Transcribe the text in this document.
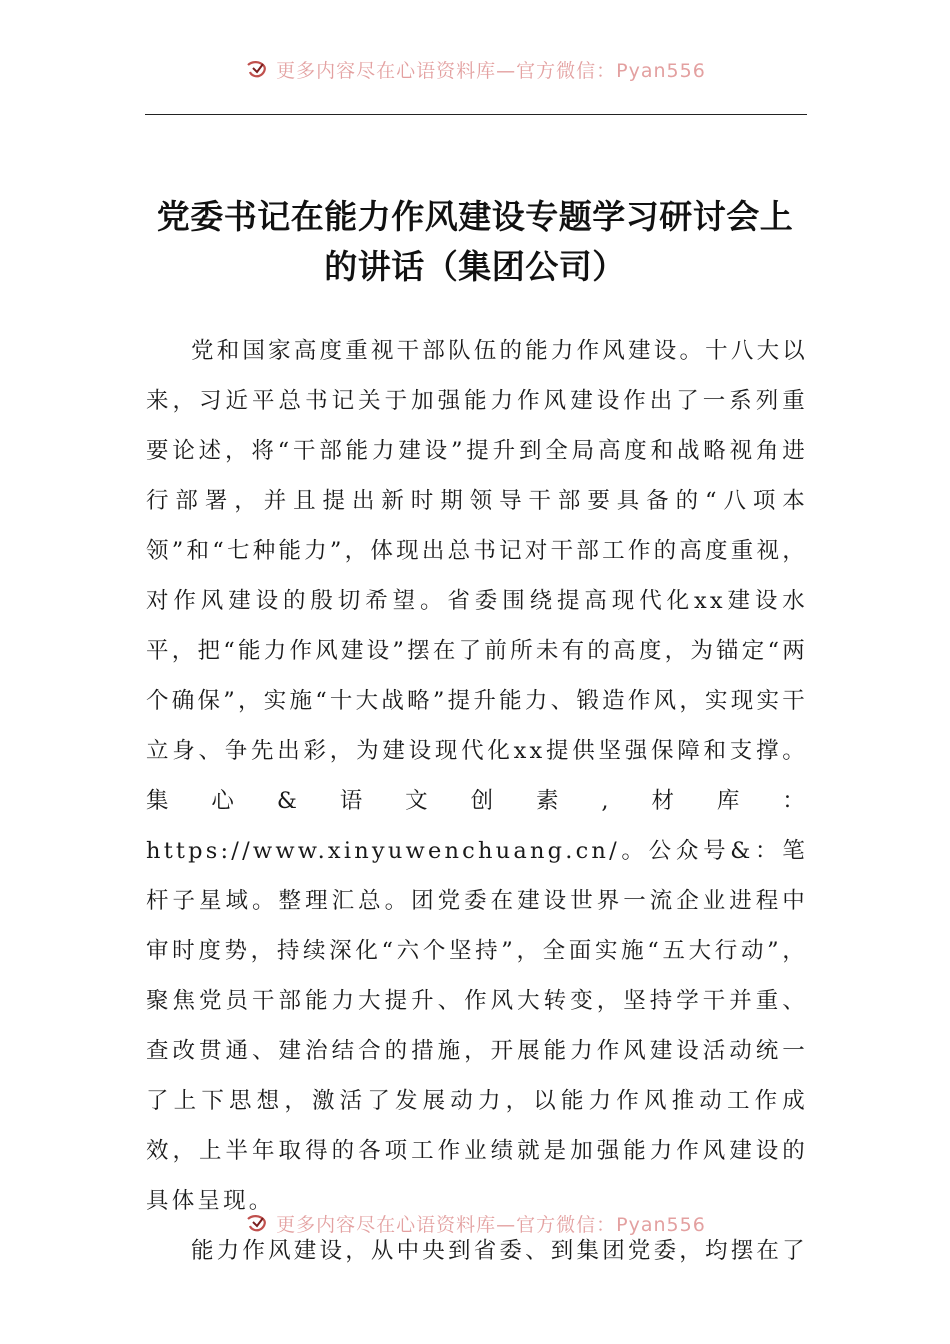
更多内容尽在心语资料库—官方微信：Pyan556
党委书记在能力作风建设专题学习研讨会上的讲话（集团公司）

党和国家高度重视干部队伍的能力作风建设。十八大以来，习近平总书记关于加强能力作风建设作出了一系列重要论述，将“干部能力建设”提升到全局高度和战略视角进行部署，并且提出新时期领导干部要具备的“八项本领”和“七种能力”，体现出总书记对干部工作的高度重视，对作风建设的殷切希望。省委围绕提高现代化xx建设水平，把“能力作风建设”摆在了前所未有的高度，为锚定“两个确保”，实施“十大战略”提升能力、锻造作风，实现实干立身、争先出彩，为建设现代化xx提供坚强保障和支撑。集心&语文创素,材库：https://www.xinyuwenchuang.cn/。公众号&：笔杆子星域。整理汇总。团党委在建设世界一流企业进程中审时度势，持续深化“六个坚持”，全面实施“五大行动”，聚焦党员干部能力大提升、作风大转变，坚持学干并重、查改贯通、建治结合的措施，开展能力作风建设活动统一了上下思想，激活了发展动力，以能力作风推动工作成效，上半年取得的各项工作业绩就是加强能力作风建设的具体呈现。

能力作风建设，从中央到省委、到集团党委，均摆在了

更多内容尽在心语资料库—官方微信：Pyan556
